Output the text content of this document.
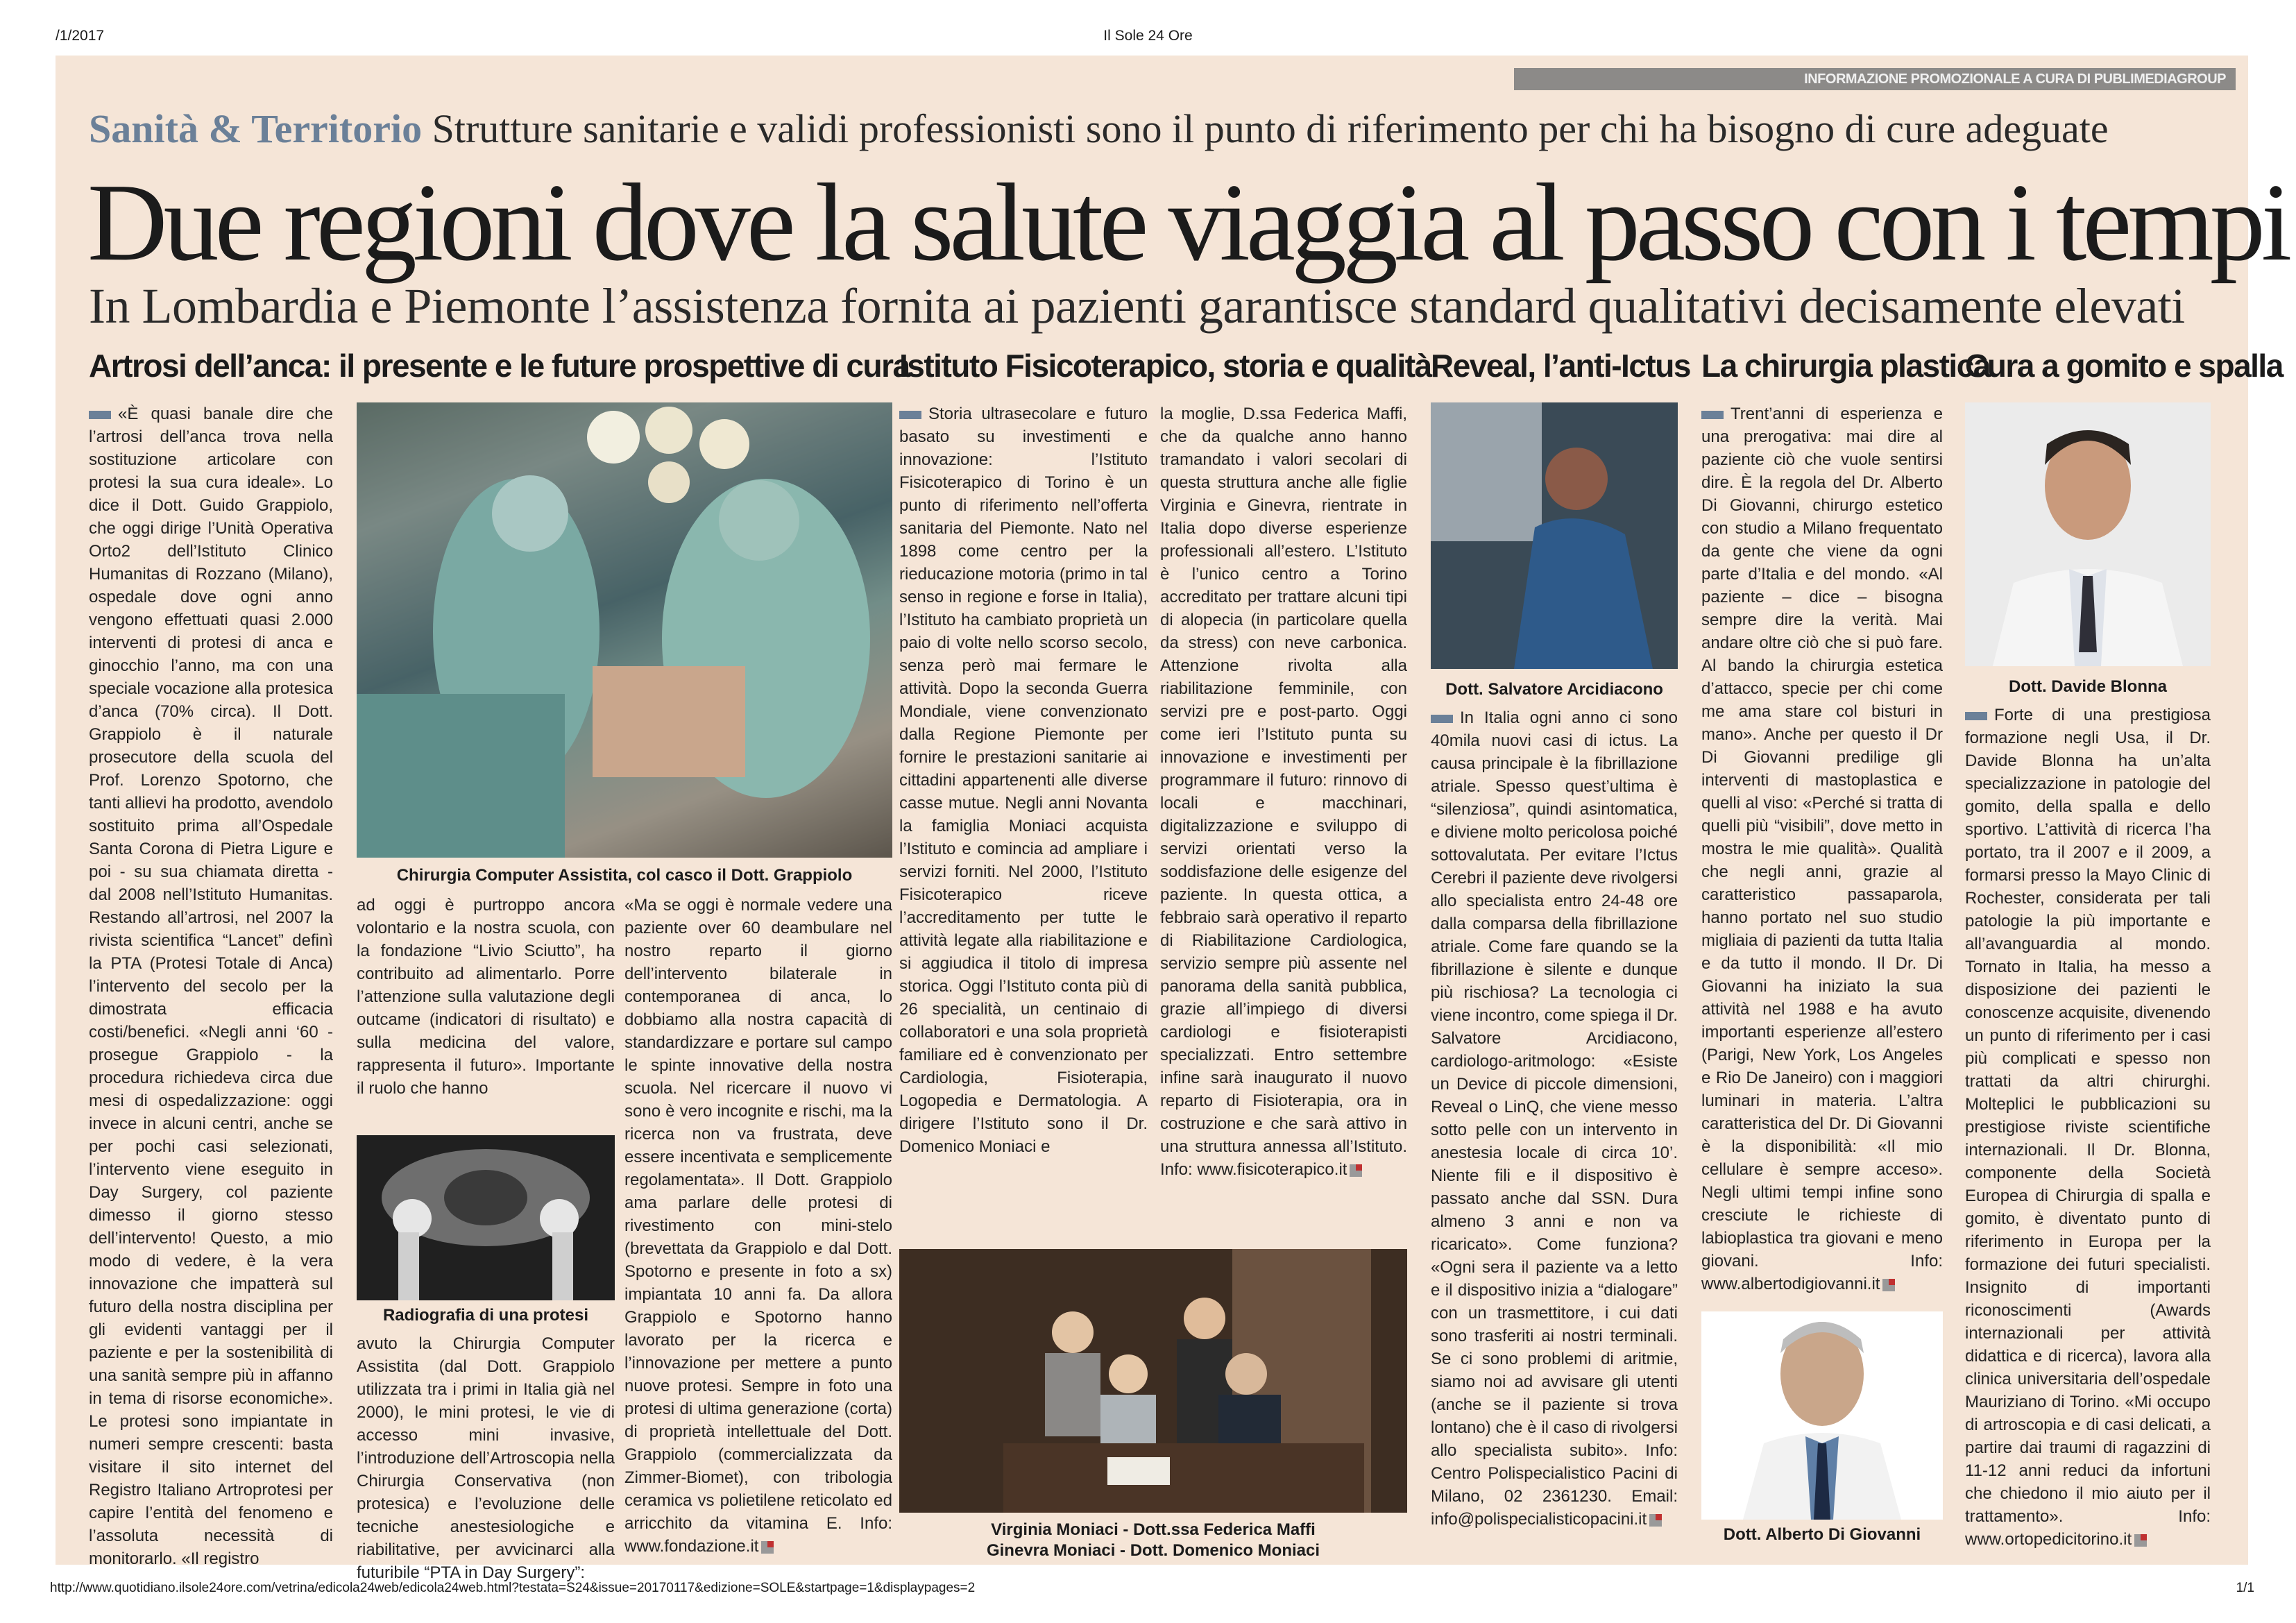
/1/2017	Il Sole 24 Ore
INFORMAZIONE PROMOZIONALE A CURA DI PUBLIMEDIAGROUP
Sanità & Territorio Strutture sanitarie e validi professionisti sono il punto di riferimento per chi ha bisogno di cure adeguate
Due regioni dove la salute viaggia al passo con i tempi
In Lombardia e Piemonte l’assistenza fornita ai pazienti garantisce standard qualitativi decisamente elevati
Artrosi dell’anca: il presente e le future prospettive di cura

«È quasi banale dire che l’artrosi dell’anca trova nella sostituzione articolare con protesi la sua cura ideale». Lo dice il Dott. Guido Grappiolo, che oggi dirige l’Unità Operativa Orto2 dell’Istituto Clinico Humanitas di Rozzano (Milano), ospedale dove ogni anno vengono effettuati quasi 2.000 interventi di protesi di anca e ginocchio l’anno, ma con una speciale vocazione alla protesica d’anca (70% circa). Il Dott. Grappiolo è il naturale prosecutore della scuola del Prof. Lorenzo Spotorno, che tanti allievi ha prodotto, avendolo sostituito prima all’Ospedale Santa Corona di Pietra Ligure e poi - su sua chiamata diretta - dal 2008 nell’Istituto Humanitas. Restando all’artrosi, nel 2007 la rivista scientifica “Lancet” definì la PTA (Protesi Totale di Anca) l’intervento del secolo per la dimostrata efficacia costi/benefici. «Negli anni ‘60 - prosegue Grappiolo - la procedura richiedeva circa due mesi di ospedalizzazione: oggi invece in alcuni centri, anche se per pochi casi selezionati, l’intervento viene eseguito in Day Surgery, col paziente dimesso il giorno stesso dell’intervento! Questo, a mio modo di vedere, è la vera innovazione che impatterà sul futuro della nostra disciplina per gli evidenti vantaggi per il paziente e per la sostenibilità di una sanità sempre più in affanno in tema di risorse economiche». Le protesi sono impiantate in numeri sempre crescenti: basta visitare il sito internet del Registro Italiano Artroprotesi per capire l’entità del fenomeno e l’assoluta necessità di monitorarlo. «Il registro

Chirurgia Computer Assistita, col casco il Dott. Grappiolo

ad oggi è purtroppo ancora volontario e la nostra scuola, con la fondazione “Livio Sciutto”, ha contribuito ad alimentarlo. Porre l’attenzione sulla valutazione degli outcame (indicatori di risultato) e sulla medicina del valore, rappresenta il futuro». Importante il ruolo che hanno

Radiografia di una protesi

avuto la Chirurgia Computer Assistita (dal Dott. Grappiolo utilizzata tra i primi in Italia già nel 2000), le mini protesi, le vie di accesso mini invasive, l’introduzione dell’Artroscopia nella Chirurgia Conservativa (non protesica) e l’evoluzione delle tecniche anestesiologiche e riabilitative, per avvicinarci alla futuribile “PTA in Day Surgery”:

«Ma se oggi è normale vedere una paziente over 60 deambulare nel nostro reparto il giorno dell’intervento bilaterale in contemporanea di anca, lo dobbiamo alla nostra capacità di standardizzare e portare sul campo le spinte innovative della nostra scuola. Nel ricercare il nuovo vi sono è vero incognite e rischi, ma la ricerca non va frustrata, deve essere incentivata e semplicemente regolamentata». Il Dott. Grappiolo ama parlare delle protesi di rivestimento con mini-stelo (brevettata da Grappiolo e dal Dott. Spotorno e presente in foto a sx) impiantata 10 anni fa. Da allora Grappiolo e Spotorno hanno lavorato per la ricerca e l’innovazione per mettere a punto nuove protesi. Sempre in foto una protesi di ultima generazione (corta) di proprietà intellettuale del Dott. Grappiolo (commercializzata da Zimmer-Biomet), con tribologia ceramica vs polietilene reticolato ed arricchito da vitamina E. Info: www.fondazione.it

Istituto Fisicoterapico, storia e qualità

Storia ultrasecolare e futuro basato su investimenti e innovazione: l’Istituto Fisicoterapico di Torino è un punto di riferimento nell’offerta sanitaria del Piemonte. Nato nel 1898 come centro per la rieducazione motoria (primo in tal senso in regione e forse in Italia), l’Istituto ha cambiato proprietà un paio di volte nello scorso secolo, senza però mai fermare le attività. Dopo la seconda Guerra Mondiale, viene convenzionato dalla Regione Piemonte per fornire le prestazioni sanitarie ai cittadini appartenenti alle diverse casse mutue. Negli anni Novanta la famiglia Moniaci acquista l’Istituto e comincia ad ampliare i servizi forniti. Nel 2000, l’Istituto Fisicoterapico riceve l’accreditamento per tutte le attività legate alla riabilitazione e si aggiudica il titolo di impresa storica. Oggi l’Istituto conta più di 26 specialità, un centinaio di collaboratori e una sola proprietà familiare ed è convenzionato per Cardiologia, Fisioterapia, Logopedia e Dermatologia. A dirigere l’Istituto sono il Dr. Domenico Moniaci e

la moglie, D.ssa Federica Maffi, che da qualche anno hanno tramandato i valori secolari di questa struttura anche alle figlie Virginia e Ginevra, rientrate in Italia dopo diverse esperienze professionali all’estero. L’Istituto è l’unico centro a Torino accreditato per trattare alcuni tipi di alopecia (in particolare quella da stress) con neve carbonica. Attenzione rivolta alla riabilitazione femminile, con servizi pre e post-parto. Oggi come ieri l’Istituto punta su innovazione e investimenti per programmare il futuro: rinnovo di locali e macchinari, digitalizzazione e sviluppo di servizi orientati verso la soddisfazione delle esigenze del paziente. In questa ottica, a febbraio sarà operativo il reparto di Riabilitazione Cardiologica, servizio sempre più assente nel panorama della sanità pubblica, grazie all’impiego di diversi cardiologi e fisioterapisti specializzati. Entro settembre infine sarà inaugurato il nuovo reparto di Fisioterapia, ora in costruzione e che sarà attivo in una struttura annessa all’Istituto. Info: www.fisicoterapico.it

Virginia Moniaci - Dott.ssa Federica Maffi
Ginevra Moniaci - Dott. Domenico Moniaci
Reveal, l’anti-Ictus
Dott. Salvatore Arcidiacono

In Italia ogni anno ci sono 40mila nuovi casi di ictus. La causa principale è la fibrillazione atriale. Spesso quest’ultima è “silenziosa”, quindi asintomatica, e diviene molto pericolosa poiché sottovalutata. Per evitare l’Ictus Cerebri il paziente deve rivolgersi allo specialista entro 24-48 ore dalla comparsa della fibrillazione atriale. Come fare quando se la fibrillazione è silente e dunque più rischiosa? La tecnologia ci viene incontro, come spiega il Dr. Salvatore Arcidiacono, cardiologo-aritmologo: «Esiste un Device di piccole dimensioni, Reveal o LinQ, che viene messo sotto pelle con un intervento in anestesia locale di circa 10’. Niente fili e il dispositivo è passato anche dal SSN. Dura almeno 3 anni e non va ricaricato». Come funziona? «Ogni sera il paziente va a letto e il dispositivo inizia a “dialogare” con un trasmettitore, i cui dati sono trasferiti ai nostri terminali. Se ci sono problemi di aritmie, siamo noi ad avvisare gli utenti (anche se il paziente si trova lontano) che è il caso di rivolgersi allo specialista subito». Info: Centro Polispecialistico Pacini di Milano, 02 2361230. Email: info@polispecialisticopacini.it

La chirurgia plastica

Trent’anni di esperienza e una prerogativa: mai dire al paziente ciò che vuole sentirsi dire. È la regola del Dr. Alberto Di Giovanni, chirurgo estetico con studio a Milano frequentato da gente che viene da ogni parte d’Italia e del mondo. «Al paziente – dice – bisogna sempre dire la verità. Mai andare oltre ciò che si può fare. Al bando la chirurgia estetica d’attacco, specie per chi come me ama stare col bisturi in mano». Anche per questo il Dr Di Giovanni predilige gli interventi di mastoplastica e quelli al viso: «Perché si tratta di quelli più “visibili”, dove metto in mostra le mie qualità». Qualità che negli anni, grazie al caratteristico passaparola, hanno portato nel suo studio migliaia di pazienti da tutta Italia e da tutto il mondo. Il Dr. Di Giovanni ha iniziato la sua attività nel 1988 e ha avuto importanti esperienze all’estero (Parigi, New York, Los Angeles e Rio De Janeiro) con i maggiori luminari in materia. L’altra caratteristica del Dr. Di Giovanni è la disponibilità: «Il mio cellulare è sempre acceso». Negli ultimi tempi infine sono cresciute le richieste di labioplastica tra giovani e meno giovani. Info: www.albertodigiovanni.it

Dott. Alberto Di Giovanni
Cura a gomito e spalla
Dott. Davide Blonna

Forte di una prestigiosa formazione negli Usa, il Dr. Davide Blonna ha un’alta specializzazione in patologie del gomito, della spalla e dello sportivo. L’attività di ricerca l’ha portato, tra il 2007 e il 2009, a formarsi presso la Mayo Clinic di Rochester, considerata per tali patologie la più importante e all’avanguardia al mondo. Tornato in Italia, ha messo a disposizione dei pazienti le conoscenze acquisite, divenendo un punto di riferimento per i casi più complicati e spesso non trattati da altri chirurghi. Molteplici le pubblicazioni su prestigiose riviste scientifiche internazionali. Il Dr. Blonna, componente della Società Europea di Chirurgia di spalla e gomito, è diventato punto di riferimento in Europa per la formazione dei futuri specialisti. Insignito di importanti riconoscimenti (Awards internazionali per attività didattica e di ricerca), lavora alla clinica universitaria dell’ospedale Mauriziano di Torino. «Mi occupo di artroscopia e di casi delicati, a partire dai traumi di ragazzini di 11-12 anni reduci da infortuni che chiedono il mio aiuto per il trattamento». Info: www.ortopedicitorino.it

http://www.quotidiano.ilsole24ore.com/vetrina/edicola24web/edicola24web.html?testata=S24&issue=20170117&edizione=SOLE&startpage=1&displaypages=2	1/1
